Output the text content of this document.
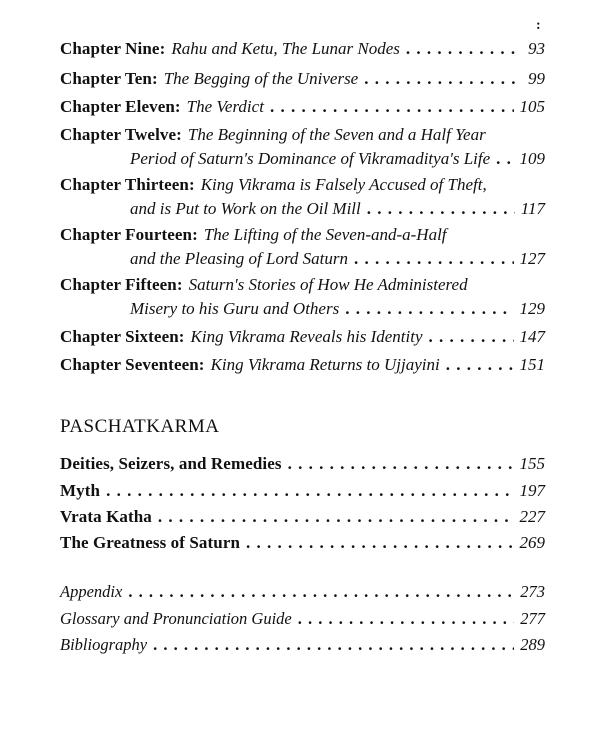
:
Chapter Nine: Rahu and Ketu, The Lunar Nodes . . .	93
Chapter Ten: The Begging of the Universe . . .	99
Chapter Eleven: The Verdict . . .	105
Chapter Twelve: The Beginning of the Seven and a Half Year
Period of Saturn's Dominance of Vikramaditya's Life . . . 109
Chapter Thirteen: King Vikrama is Falsely Accused of Theft,
and is Put to Work on the Oil Mill . . .	117
Chapter Fourteen: The Lifting of the Seven-and-a-Half
and the Pleasing of Lord Saturn . . .	127
Chapter Fifteen: Saturn's Stories of How He Administered
Misery to his Guru and Others . . .	129
Chapter Sixteen: King Vikrama Reveals his Identity . . .	147
Chapter Seventeen: King Vikrama Returns to Ujjayini . . .	151
PASCHATKARMA
Deities, Seizers, and Remedies . . .	155
Myth . . .	197
Vrata Katha . . .	227
The Greatness of Saturn . . .	269
Appendix . . .	273
Glossary and Pronunciation Guide . . .	277
Bibliography . . .	289
